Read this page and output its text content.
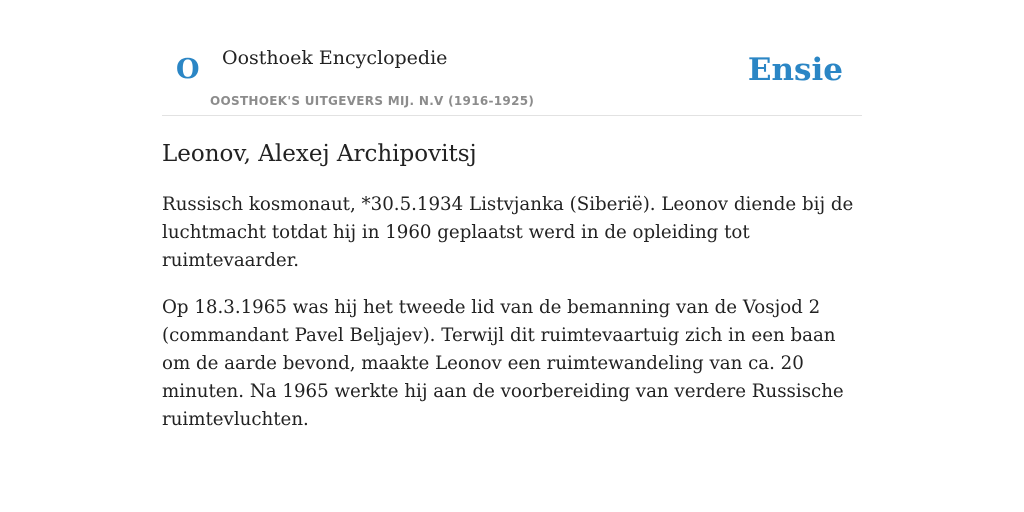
O Oosthoek Encyclopedie
OOSTHOEK'S UITGEVERS MIJ. N.V (1916-1925)
Ensie
Leonov, Alexej Archipovitsj

Russisch kosmonaut, *30.5.1934 Listvjanka (Siberië). Leonov diende bij de luchtmacht totdat hij in 1960 geplaatst werd in de opleiding tot ruimtevaarder.

Op 18.3.1965 was hij het tweede lid van de bemanning van de Vosjod 2 (commandant Pavel Beljajev). Terwijl dit ruimtevaartuig zich in een baan om de aarde bevond, maakte Leonov een ruimtewandeling van ca. 20 minuten. Na 1965 werkte hij aan de voorbereiding van verdere Russische ruimtevluchten.
